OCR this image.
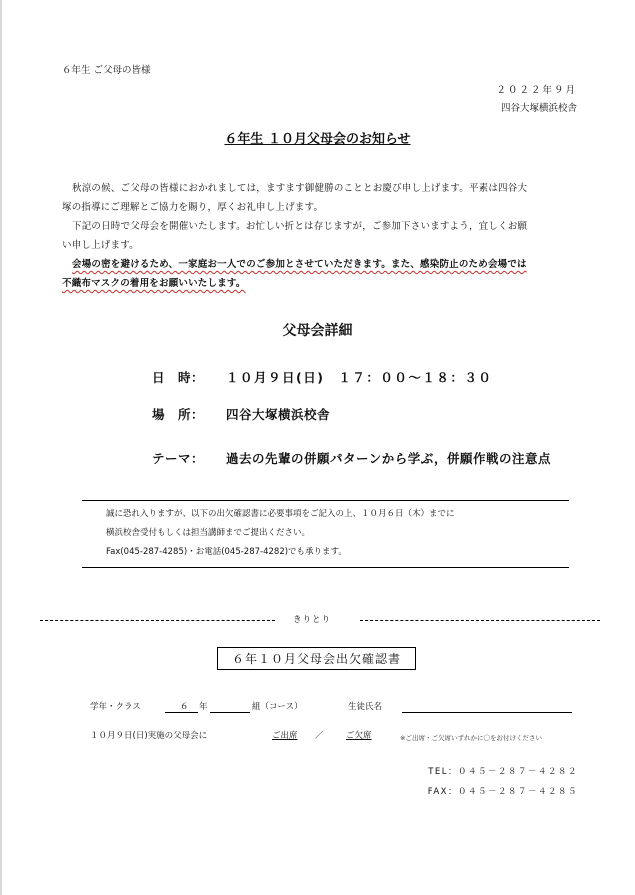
６年生 ご父母の皆様
２０２２年９月
四谷大塚横浜校舎
６年生 １０月父母会のお知らせ
秋涼の候、ご父母の皆様におかれましては，ますます御健勝のこととお慶び申し上げます。平素は四谷大
塚の指導にご理解とご協力を賜り，厚くお礼申し上げます。
下記の日時で父母会を開催いたします。お忙しい折とは存じますが，ご参加下さいますよう，宜しくお願
い申し上げます。
会場の密を避けるため、一家庭お一人でのご参加とさせていただきます。また、感染防止のため会場では
不織布マスクの着用をお願いいたします。
父母会詳細
日　時： １０月９日(日)　１７：００～１８：３０
場　所： 四谷大塚横浜校舎
テーマ： 過去の先輩の併願パターンから学ぶ，併願作戦の注意点
誠に恐れ入りますが、以下の出欠確認書に必要事項をご記入の上、１０月６日（木）までに
横浜校舎受付もしくは担当講師までご提出ください。
Fax(045-287-4285)・お電話(045-287-4282)でも承ります。
きりとり
６年１０月父母会出欠確認書
学年・クラス	６ 年	組（コース）	生徒氏名
１０月９日(日)実施の父母会に	ご出席 ／	ご欠席	※ご出席・ご欠席いずれかに〇をお付けください
TEL：０４５－２８７－４２８２
FAX：０４５－２８７－４２８５
